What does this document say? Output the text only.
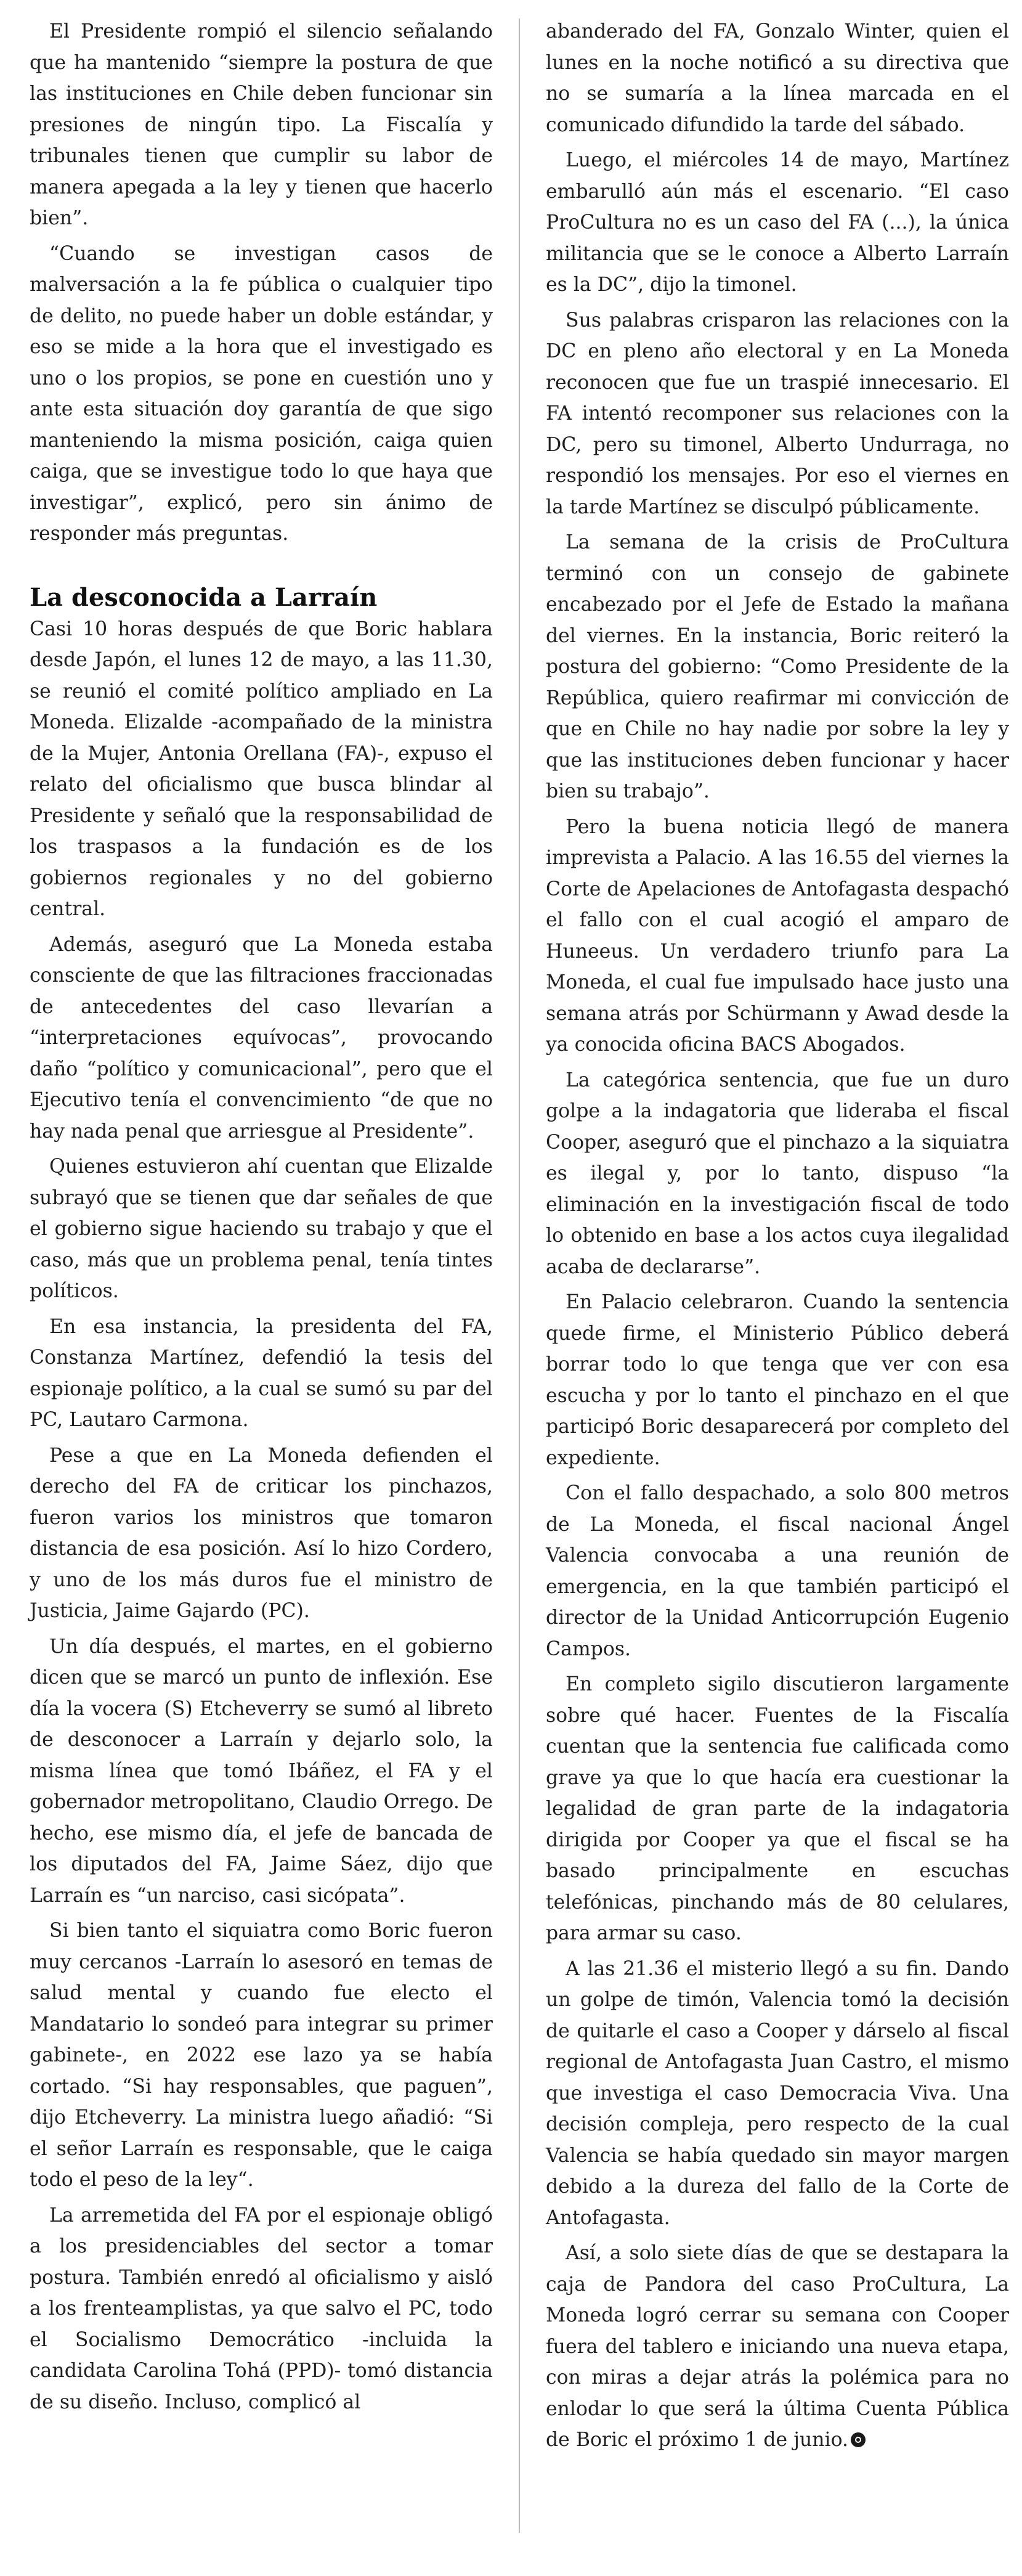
El Presidente rompió el silencio señalando que ha mantenido “siempre la postura de que las instituciones en Chile deben funcionar sin presiones de ningún tipo. La Fiscalía y tribunales tienen que cumplir su labor de manera apegada a la ley y tienen que hacerlo bien”.

“Cuando se investigan casos de malversación a la fe pública o cualquier tipo de delito, no puede haber un doble estándar, y eso se mide a la hora que el investigado es uno o los propios, se pone en cuestión uno y ante esta situación doy garantía de que sigo manteniendo la misma posición, caiga quien caiga, que se investigue todo lo que haya que investigar”, explicó, pero sin ánimo de responder más preguntas.

La desconocida a Larraín

Casi 10 horas después de que Boric hablara desde Japón, el lunes 12 de mayo, a las 11.30, se reunió el comité político ampliado en La Moneda. Elizalde -acompañado de la ministra de la Mujer, Antonia Orellana (FA)-, expuso el relato del oficialismo que busca blindar al Presidente y señaló que la responsabilidad de los traspasos a la fundación es de los gobiernos regionales y no del gobierno central.

Además, aseguró que La Moneda estaba consciente de que las filtraciones fraccionadas de antecedentes del caso llevarían a “interpretaciones equívocas”, provocando daño “político y comunicacional”, pero que el Ejecutivo tenía el convencimiento “de que no hay nada penal que arriesgue al Presidente”.

Quienes estuvieron ahí cuentan que Elizalde subrayó que se tienen que dar señales de que el gobierno sigue haciendo su trabajo y que el caso, más que un problema penal, tenía tintes políticos.

En esa instancia, la presidenta del FA, Constanza Martínez, defendió la tesis del espionaje político, a la cual se sumó su par del PC, Lautaro Carmona.

Pese a que en La Moneda defienden el derecho del FA de criticar los pinchazos, fueron varios los ministros que tomaron distancia de esa posición. Así lo hizo Cordero, y uno de los más duros fue el ministro de Justicia, Jaime Gajardo (PC).

Un día después, el martes, en el gobierno dicen que se marcó un punto de inflexión. Ese día la vocera (S) Etcheverry se sumó al libreto de desconocer a Larraín y dejarlo solo, la misma línea que tomó Ibáñez, el FA y el gobernador metropolitano, Claudio Orrego. De hecho, ese mismo día, el jefe de bancada de los diputados del FA, Jaime Sáez, dijo que Larraín es “un narciso, casi sicópata”.

Si bien tanto el siquiatra como Boric fueron muy cercanos -Larraín lo asesoró en temas de salud mental y cuando fue electo el Mandatario lo sondeó para integrar su primer gabinete-, en 2022 ese lazo ya se había cortado. “Si hay responsables, que paguen”, dijo Etcheverry. La ministra luego añadió: “Si el señor Larraín es responsable, que le caiga todo el peso de la ley“.

La arremetida del FA por el espionaje obligó a los presidenciables del sector a tomar postura. También enredó al oficialismo y aisló a los frenteamplistas, ya que salvo el PC, todo el Socialismo Democrático -incluida la candidata Carolina Tohá (PPD)- tomó distancia de su diseño. Incluso, complicó al

abanderado del FA, Gonzalo Winter, quien el lunes en la noche notificó a su directiva que no se sumaría a la línea marcada en el comunicado difundido la tarde del sábado.

Luego, el miércoles 14 de mayo, Martínez embarulló aún más el escenario. “El caso ProCultura no es un caso del FA (...), la única militancia que se le conoce a Alberto Larraín es la DC”, dijo la timonel.

Sus palabras crisparon las relaciones con la DC en pleno año electoral y en La Moneda reconocen que fue un traspié innecesario. El FA intentó recomponer sus relaciones con la DC, pero su timonel, Alberto Undurraga, no respondió los mensajes. Por eso el viernes en la tarde Martínez se disculpó públicamente.

La semana de la crisis de ProCultura terminó con un consejo de gabinete encabezado por el Jefe de Estado la mañana del viernes. En la instancia, Boric reiteró la postura del gobierno: “Como Presidente de la República, quiero reafirmar mi convicción de que en Chile no hay nadie por sobre la ley y que las instituciones deben funcionar y hacer bien su trabajo”.

Pero la buena noticia llegó de manera imprevista a Palacio. A las 16.55 del viernes la Corte de Apelaciones de Antofagasta despachó el fallo con el cual acogió el amparo de Huneeus. Un verdadero triunfo para La Moneda, el cual fue impulsado hace justo una semana atrás por Schürmann y Awad desde la ya conocida oficina BACS Abogados.

La categórica sentencia, que fue un duro golpe a la indagatoria que lideraba el fiscal Cooper, aseguró que el pinchazo a la siquiatra es ilegal y, por lo tanto, dispuso “la eliminación en la investigación fiscal de todo lo obtenido en base a los actos cuya ilegalidad acaba de declararse”.

En Palacio celebraron. Cuando la sentencia quede firme, el Ministerio Público deberá borrar todo lo que tenga que ver con esa escucha y por lo tanto el pinchazo en el que participó Boric desaparecerá por completo del expediente.

Con el fallo despachado, a solo 800 metros de La Moneda, el fiscal nacional Ángel Valencia convocaba a una reunión de emergencia, en la que también participó el director de la Unidad Anticorrupción Eugenio Campos.

En completo sigilo discutieron largamente sobre qué hacer. Fuentes de la Fiscalía cuentan que la sentencia fue calificada como grave ya que lo que hacía era cuestionar la legalidad de gran parte de la indagatoria dirigida por Cooper ya que el fiscal se ha basado principalmente en escuchas telefónicas, pinchando más de 80 celulares, para armar su caso.

A las 21.36 el misterio llegó a su fin. Dando un golpe de timón, Valencia tomó la decisión de quitarle el caso a Cooper y dárselo al fiscal regional de Antofagasta Juan Castro, el mismo que investiga el caso Democracia Viva. Una decisión compleja, pero respecto de la cual Valencia se había quedado sin mayor margen debido a la dureza del fallo de la Corte de Antofagasta.

Así, a solo siete días de que se destapara la caja de Pandora del caso ProCultura, La Moneda logró cerrar su semana con Cooper fuera del tablero e iniciando una nueva etapa, con miras a dejar atrás la polémica para no enlodar lo que será la última Cuenta Pública de Boric el próximo 1 de junio.
